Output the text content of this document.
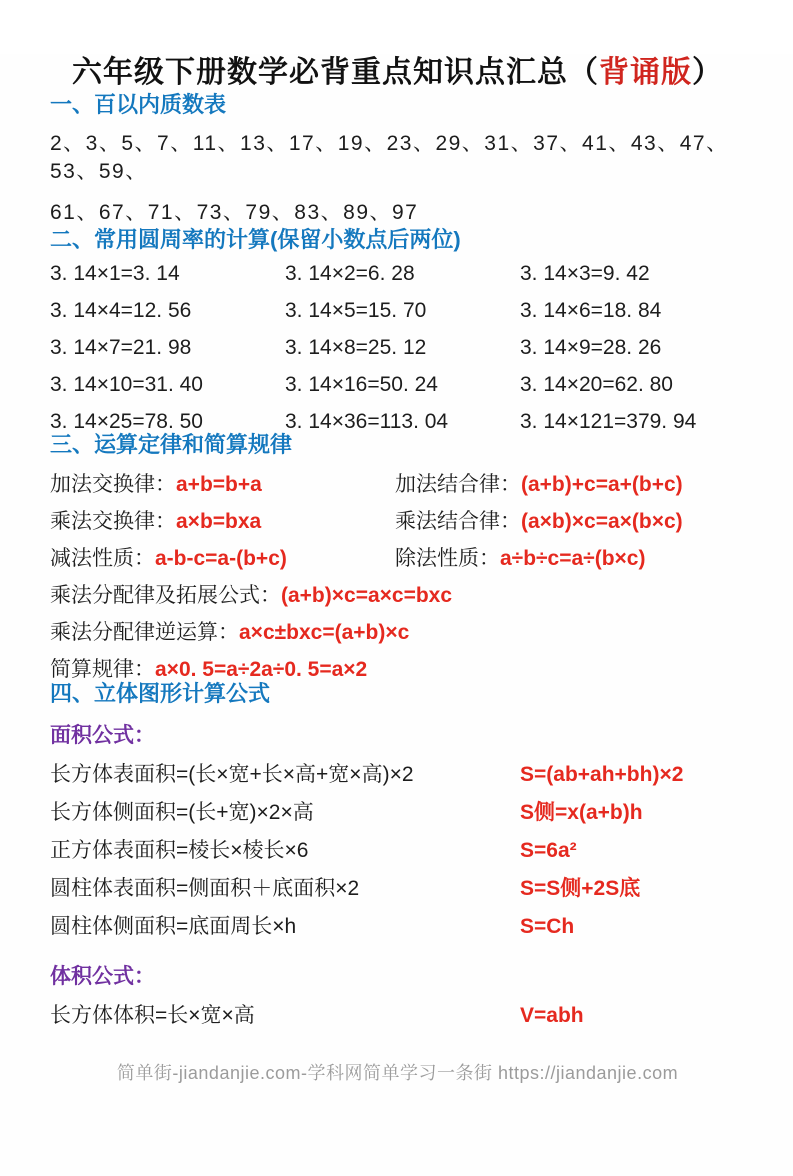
六年级下册数学必背重点知识点汇总（背诵版）
一、百以内质数表

2、3、5、7、11、13、17、19、23、29、31、37、41、43、47、53、59、

61、67、71、73、79、83、89、97

二、常用圆周率的计算(保留小数点后两位)
3. 14×1=3. 14	3. 14×2=6. 28	3. 14×3=9. 42
3. 14×4=12. 56	3. 14×5=15. 70	3. 14×6=18. 84
3. 14×7=21. 98	3. 14×8=25. 12	3. 14×9=28. 26
3. 14×10=31. 40	3. 14×16=50. 24	3. 14×20=62. 80
3. 14×25=78. 50	3. 14×36=113. 04	3. 14×121=379. 94
三、运算定律和简算规律
加法交换律：a+b=b+a	加法结合律：(a+b)+c=a+(b+c)
乘法交换律：a×b=bxa	乘法结合律：(a×b)×c=a×(b×c)
减法性质：a-b-c=a-(b+c)	除法性质：a÷b÷c=a÷(b×c)
乘法分配律及拓展公式：(a+b)×c=a×c=bxc
乘法分配律逆运算：a×c±bxc=(a+b)×c
简算规律：a×0. 5=a÷2a÷0. 5=a×2
四、立体图形计算公式
面积公式：
长方体表面积=(长×宽+长×高+宽×高)×2	S=(ab+ah+bh)×2
长方体侧面积=(长+宽)×2×高	S侧=x(a+b)h
正方体表面积=棱长×棱长×6	S=6a²
圆柱体表面积=侧面积＋底面积×2	S=S侧+2S底
圆柱体侧面积=底面周长×h	S=Ch
体积公式：
长方体体积=长×宽×高	V=abh
简单街-jiandanjie.com-学科网简单学习一条街 https://jiandanjie.com
